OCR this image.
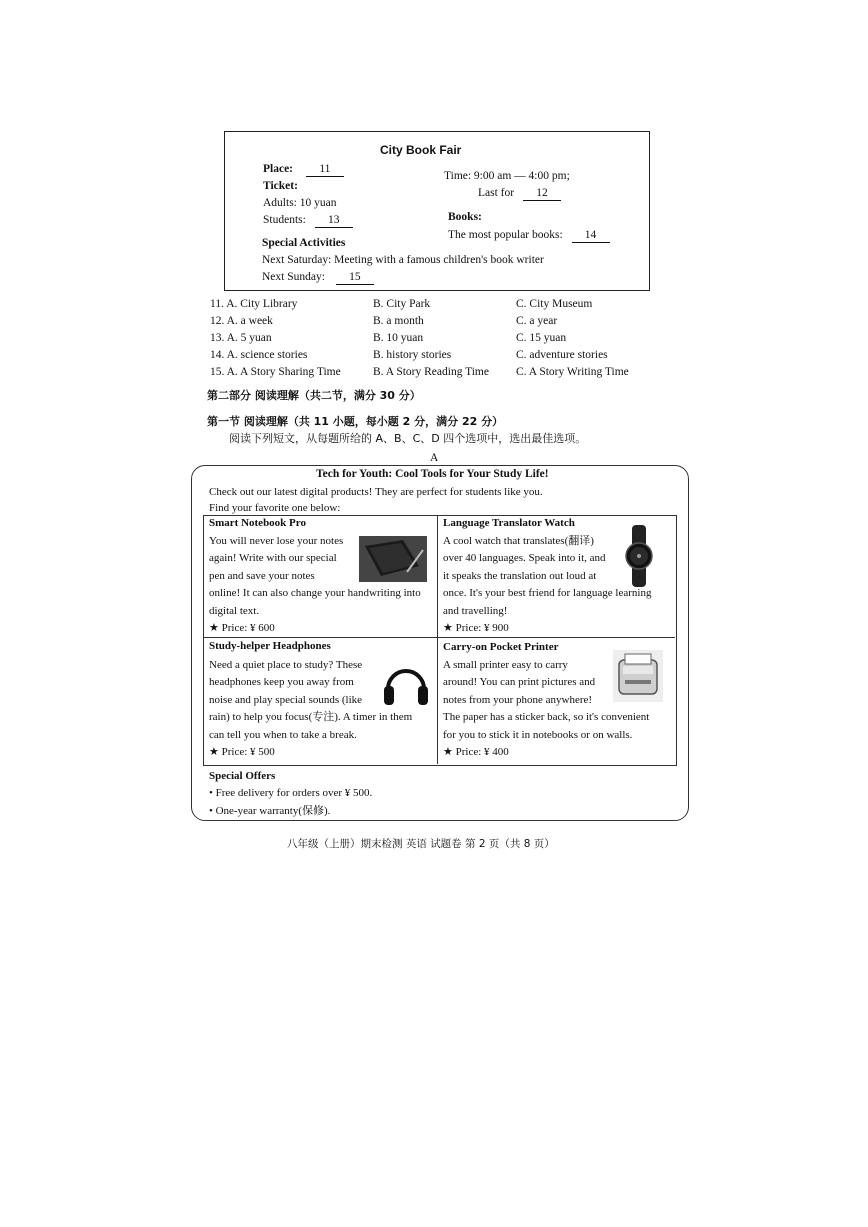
City Book Fair
Place: 11
Ticket:
Adults: 10 yuan
Students: 13
Special Activities
Next Saturday: Meeting with a famous children's book writer
Next Sunday: 15
Time: 9:00 am — 4:00 pm;
Last for 12
Books:
The most popular books: 14
11. A. City Library	B. City Park	C. City Museum
12. A. a week	B. a month	C. a year
13. A. 5 yuan	B. 10 yuan	C. 15 yuan
14. A. science stories	B. history stories	C. adventure stories
15. A. A Story Sharing Time	B. A Story Reading Time C. A Story Writing Time
第二部分 阅读理解（共二节，满分 30 分）
第一节 阅读理解（共 11 小题，每小题 2 分，满分 22 分）
阅读下列短文，从每题所给的 A、B、C、D 四个选项中，选出最佳选项。
A
Tech for Youth: Cool Tools for Your Study Life!
Check out our latest digital products! They are perfect for students like you.
Find your favorite one below:
Smart Notebook Pro
You will never lose your notes
again! Write with our special
pen and save your notes
online! It can also change your handwriting into
digital text.
★ Price: ¥ 600
Language Translator Watch
A cool watch that translates(翻译)
over 40 languages. Speak into it, and
it speaks the translation out loud at
once. It's your best friend for language learning
and travelling!
★ Price: ¥ 900
Study-helper Headphones
Need a quiet place to study? These
headphones keep you away from
noise and play special sounds (like
rain) to help you focus(专注). A timer in them
can tell you when to take a break.
★ Price: ¥ 500
Carry-on Pocket Printer
A small printer easy to carry
around! You can print pictures and
notes from your phone anywhere!
The paper has a sticker back, so it's convenient
for you to stick it in notebooks or on walls.
★ Price: ¥ 400
Special Offers
• Free delivery for orders over ¥ 500.
• One-year warranty(保修).
八年级（上册）期末检测 英语 试题卷 第 2 页（共 8 页）
